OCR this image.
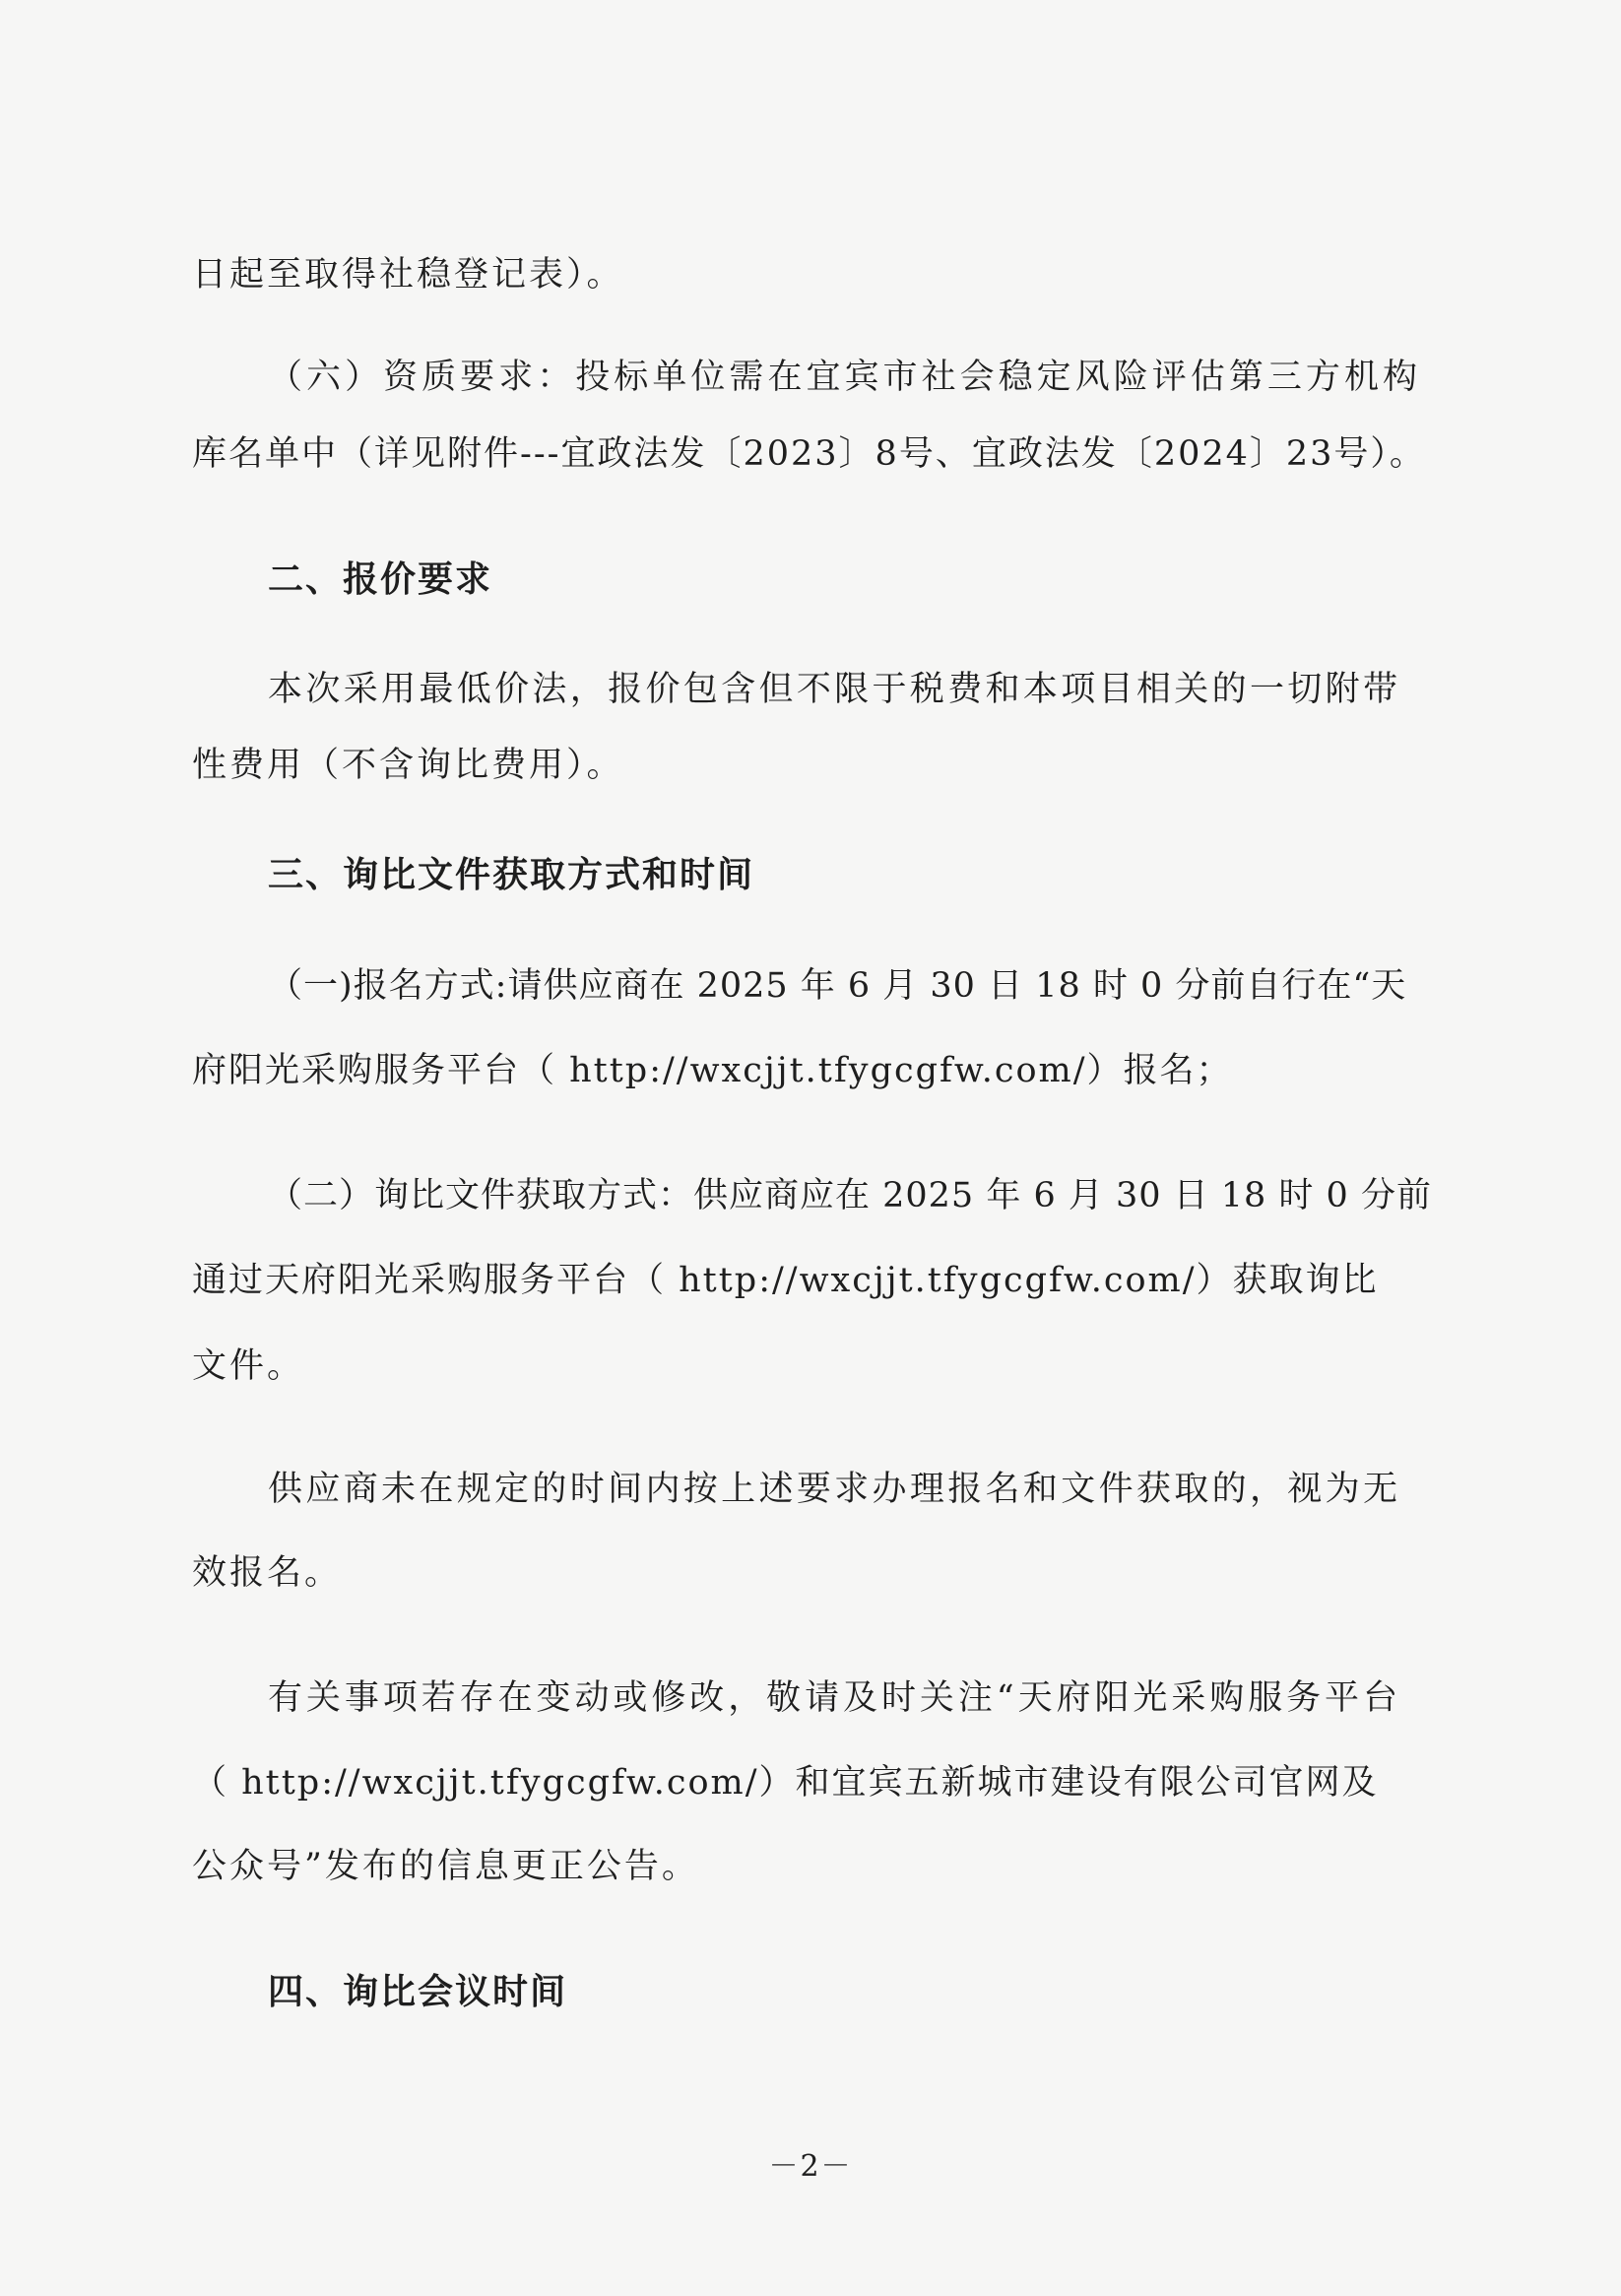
日起至取得社稳登记表）。
（六）资质要求：投标单位需在宜宾市社会稳定风险评估第三方机构
库名单中（详见附件---宜政法发〔2023〕8号、宜政法发〔2024〕23号）。
二、报价要求
本次采用最低价法，报价包含但不限于税费和本项目相关的一切附带
性费用（不含询比费用）。
三、询比文件获取方式和时间
（一)报名方式:请供应商在 2025 年 6 月 30 日 18 时 0 分前自行在“天
府阳光采购服务平台（ http://wxcjjt.tfygcgfw.com/）报名；
（二）询比文件获取方式：供应商应在 2025 年 6 月 30 日 18 时 0 分前
通过天府阳光采购服务平台（ http://wxcjjt.tfygcgfw.com/）获取询比
文件。
供应商未在规定的时间内按上述要求办理报名和文件获取的，视为无
效报名。
有关事项若存在变动或修改，敬请及时关注“天府阳光采购服务平台
（ http://wxcjjt.tfygcgfw.com/）和宜宾五新城市建设有限公司官网及
公众号”发布的信息更正公告。
四、询比会议时间
－2－
